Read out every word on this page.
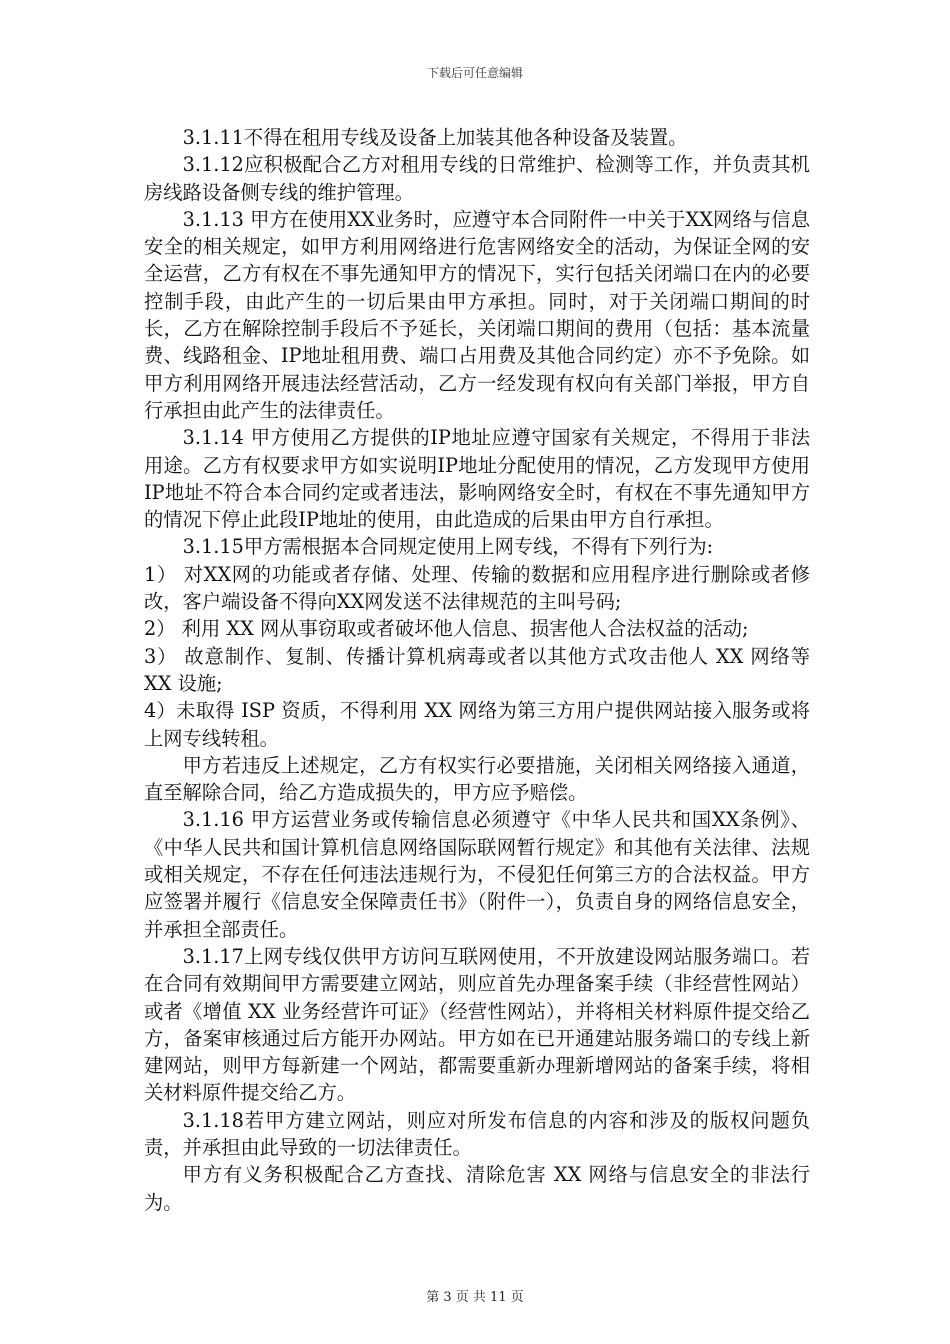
下载后可任意编辑

3.1.11不得在租用专线及设备上加装其他各种设备及装置。

3.1.12应积极配合乙方对租用专线的日常维护、检测等工作，并负责其机房线路设备侧专线的维护管理。

3.1.13 甲方在使用XX业务时，应遵守本合同附件一中关于XX网络与信息安全的相关规定，如甲方利用网络进行危害网络安全的活动，为保证全网的安全运营，乙方有权在不事先通知甲方的情况下，实行包括关闭端口在内的必要控制手段，由此产生的一切后果由甲方承担。同时，对于关闭端口期间的时长，乙方在解除控制手段后不予延长，关闭端口期间的费用（包括：基本流量费、线路租金、IP地址租用费、端口占用费及其他合同约定）亦不予免除。如甲方利用网络开展违法经营活动，乙方一经发现有权向有关部门举报，甲方自行承担由此产生的法律责任。

3.1.14 甲方使用乙方提供的IP地址应遵守国家有关规定，不得用于非法用途。乙方有权要求甲方如实说明IP地址分配使用的情况，乙方发现甲方使用IP地址不符合本合同约定或者违法，影响网络安全时，有权在不事先通知甲方的情况下停止此段IP地址的使用，由此造成的后果由甲方自行承担。

3.1.15甲方需根据本合同规定使用上网专线，不得有下列行为:

1） 对XX网的功能或者存储、处理、传输的数据和应用程序进行删除或者修改，客户端设备不得向XX网发送不法律规范的主叫号码;

2） 利用 XX 网从事窃取或者破坏他人信息、损害他人合法权益的活动;

3） 故意制作、复制、传播计算机病毒或者以其他方式攻击他人 XX 网络等 XX 设施;

4）未取得 ISP 资质，不得利用 XX 网络为第三方用户提供网站接入服务或将上网专线转租。

甲方若违反上述规定，乙方有权实行必要措施，关闭相关网络接入通道，直至解除合同，给乙方造成损失的，甲方应予赔偿。

3.1.16 甲方运营业务或传输信息必须遵守《中华人民共和国XX条例》、《中华人民共和国计算机信息网络国际联网暂行规定》和其他有关法律、法规或相关规定，不存在任何违法违规行为，不侵犯任何第三方的合法权益。甲方应签署并履行《信息安全保障责任书》（附件一），负责自身的网络信息安全，并承担全部责任。

3.1.17上网专线仅供甲方访问互联网使用，不开放建设网站服务端口。若在合同有效期间甲方需要建立网站，则应首先办理备案手续（非经营性网站）或者《增值 XX 业务经营许可证》（经营性网站），并将相关材料原件提交给乙方，备案审核通过后方能开办网站。甲方如在已开通建站服务端口的专线上新建网站，则甲方每新建一个网站，都需要重新办理新增网站的备案手续，将相关材料原件提交给乙方。

3.1.18若甲方建立网站，则应对所发布信息的内容和涉及的版权问题负责，并承担由此导致的一切法律责任。

甲方有义务积极配合乙方查找、清除危害 XX 网络与信息安全的非法行为。

第 3 页 共 11 页
